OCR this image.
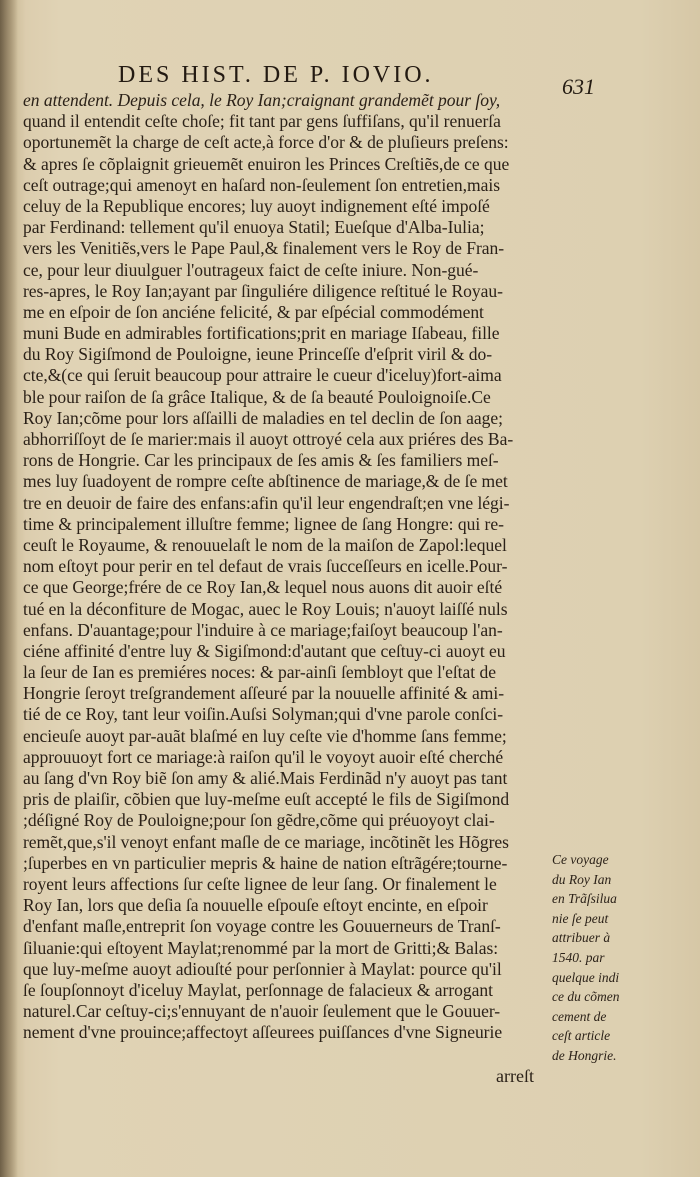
DES HIST. DE P. IOVIO.	631
en attendent. Depuis cela, le Roy Ian;craignant grandemẽt pour ſoy,
quand il entendit ceſte choſe; fit tant par gens ſuffiſans, qu'il renuerſa
oportunemẽt la charge de ceſt acte,à force d'or & de pluſieurs preſens:
& apres ſe cõplaignit grieuemẽt enuiron les Princes Creſtiẽs,de ce que
ceſt outrage;qui amenoyt en haſard non-ſeulement ſon entretien,mais
celuy de la Republique encores; luy auoyt indignement eſté impoſé
par Ferdinand: tellement qu'il enuoya Statil; Eueſque d'Alba-Iulia;
vers les Venitiẽs,vers le Pape Paul,& finalement vers le Roy de Fran-
ce, pour leur diuulguer l'outrageux faict de ceſte iniure. Non-gué-
res-apres, le Roy Ian;ayant par ſinguliére diligence reſtitué le Royau-
me en eſpoir de ſon anciéne felicité, & par eſpécial commodément
muni Bude en admirables fortifications;prit en mariage Iſabeau, fille
du Roy Sigiſmond de Pouloigne, ieune Princeſſe d'eſprit viril & do-
cte,&(ce qui ſeruit beaucoup pour attraire le cueur d'iceluy)fort-aima
ble pour raiſon de ſa grâce Italique, & de ſa beauté Pouloignoiſe.Ce
Roy Ian;cõme pour lors aſſailli de maladies en tel declin de ſon aage;
abhorriſſoyt de ſe marier:mais il auoyt ottroyé cela aux priéres des Ba-
rons de Hongrie. Car les principaux de ſes amis & ſes familiers meſ-
mes luy ſuadoyent de rompre ceſte abſtinence de mariage,& de ſe met
tre en deuoir de faire des enfans:afin qu'il leur engendraſt;en vne légi-
time & principalement illuſtre femme; lignee de ſang Hongre: qui re-
ceuſt le Royaume, & renouuelaſt le nom de la maiſon de Zapol:lequel
nom eſtoyt pour perir en tel defaut de vrais ſucceſſeurs en icelle.Pour-
ce que George;frére de ce Roy Ian,& lequel nous auons dit auoir eſté
tué en la déconfiture de Mogac, auec le Roy Louis; n'auoyt laiſſé nuls
enfans. D'auantage;pour l'induire à ce mariage;faiſoyt beaucoup l'an-
ciéne affinité d'entre luy & Sigiſmond:d'autant que ceſtuy-ci auoyt eu
la ſeur de Ian es premiéres noces: & par-ainſi ſembloyt que l'eſtat de
Hongrie ſeroyt treſgrandement aſſeuré par la nouuelle affinité & ami-
tié de ce Roy, tant leur voiſin.Auſsi Solyman;qui d'vne parole conſci-
encieuſe auoyt par-auãt blaſmé en luy ceſte vie d'homme ſans femme;
approuuoyt fort ce mariage:à raiſon qu'il le voyoyt auoir eſté cherché
au ſang d'vn Roy biẽ ſon amy & alié.Mais Ferdinãd n'y auoyt pas tant
pris de plaiſir, cõbien que luy-meſme euſt accepté le fils de Sigiſmond
;déſigné Roy de Pouloigne;pour ſon gẽdre,cõme qui préuoyoyt clai-
remẽt,que,s'il venoyt enfant maſle de ce mariage, incõtinẽt les Hõgres
;ſuperbes en vn particulier mepris & haine de nation eſtrãgére;tourne-
royent leurs affections ſur ceſte lignee de leur ſang. Or finalement le
Roy Ian, lors que deſia ſa nouuelle eſpouſe eſtoyt encinte, en eſpoir
d'enfant maſle,entreprit ſon voyage contre les Gouuerneurs de Tranſ-
ſiluanie:qui eſtoyent Maylat;renommé par la mort de Gritti;& Balas:
que luy-meſme auoyt adiouſté pour perſonnier à Maylat: pource qu'il
ſe ſoupſonnoyt d'iceluy Maylat, perſonnage de falacieux & arrogant
naturel.Car ceſtuy-ci;s'ennuyant de n'auoir ſeulement que le Gouuer-
nement d'vne prouince;affectoyt aſſeurees puiſſances d'vne Signeurie
arreſt
Ce voyage
du Roy Ian
en Trãſsilua
nie ſe peut
attribuer à
1540. par
quelque indi
ce du cõmen
cement de
ceſt article
de Hongrie.
